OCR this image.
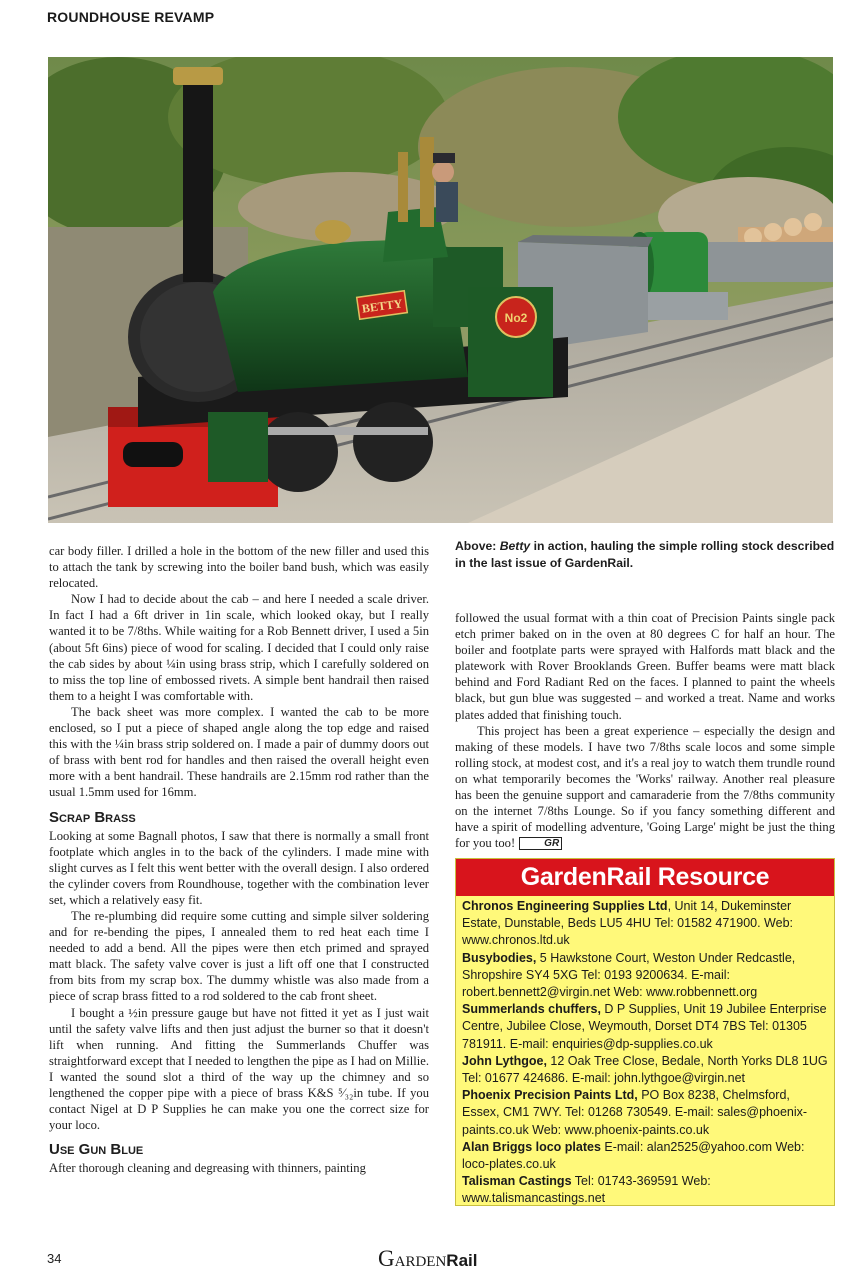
ROUNDHOUSE REVAMP
No2
BETTY

car body filler. I drilled a hole in the bottom of the new filler and used this to attach the tank by screwing into the boiler band bush, which was easily relocated.

Now I had to decide about the cab – and here I needed a scale driver. In fact I had a 6ft driver in 1in scale, which looked okay, but I really wanted it to be 7/8ths. While waiting for a Rob Bennett driver, I used a 5in (about 5ft 6ins) piece of wood for scaling. I decided that I could only raise the cab sides by about ¼in using brass strip, which I carefully soldered on to miss the top line of embossed rivets. A simple bent handrail then raised them to a height I was comfortable with.

The back sheet was more complex. I wanted the cab to be more enclosed, so I put a piece of shaped angle along the top edge and raised this with the ¼in brass strip soldered on. I made a pair of dummy doors out of brass with bent rod for handles and then raised the overall height even more with a bent handrail. These handrails are 2.15mm rod rather than the usual 1.5mm used for 16mm.

Scrap Brass

Looking at some Bagnall photos, I saw that there is normally a small front footplate which angles in to the back of the cylinders. I made mine with slight curves as I felt this went better with the overall design. I also ordered the cylinder covers from Roundhouse, together with the combination lever set, which a relatively easy fit.

The re-plumbing did require some cutting and simple silver soldering and for re-bending the pipes, I annealed them to red heat each time I needed to add a bend. All the pipes were then etch primed and sprayed matt black. The safety valve cover is just a lift off one that I constructed from bits from my scrap box. The dummy whistle was also made from a piece of scrap brass fitted to a rod soldered to the cab front sheet.

I bought a ½in pressure gauge but have not fitted it yet as I just wait until the safety valve lifts and then just adjust the burner so that it doesn't lift when running. And fitting the Summerlands Chuffer was straightforward except that I needed to lengthen the pipe as I had on Millie. I wanted the sound slot a third of the way up the chimney and so lengthened the copper pipe with a piece of brass K&S ⁵⁄₃₂in tube. If you contact Nigel at D P Supplies he can make you one the correct size for your loco.

Use Gun Blue

After thorough cleaning and degreasing with thinners, painting

Above: Betty in action, hauling the simple rolling stock described in the last issue of GardenRail.

followed the usual format with a thin coat of Precision Paints single pack etch primer baked on in the oven at 80 degrees C for half an hour. The boiler and footplate parts were sprayed with Halfords matt black and the platework with Rover Brooklands Green. Buffer beams were matt black behind and Ford Radiant Red on the faces. I planned to paint the wheels black, but gun blue was suggested – and worked a treat. Name and works plates added that finishing touch.

This project has been a great experience – especially the design and making of these models. I have two 7/8ths scale locos and some simple rolling stock, at modest cost, and it's a real joy to watch them trundle round on what temporarily becomes the 'Works' railway. Another real pleasure has been the genuine support and camaraderie from the 7/8ths community on the internet 7/8ths Lounge. So if you fancy something different and have a spirit of modelling adventure, 'Going Large' might be just the thing for you too!	GR

GardenRail Resource

Chronos Engineering Supplies Ltd, Unit 14, Dukeminster Estate, Dunstable, Beds LU5 4HU Tel: 01582 471900. Web: www.chronos.ltd.uk

Busybodies, 5 Hawkstone Court, Weston Under Redcastle, Shropshire SY4 5XG Tel: 0193 9200634. E-mail: robert.bennett2@virgin.net Web: www.robbennett.org

Summerlands chuffers, D P Supplies, Unit 19 Jubilee Enterprise Centre, Jubilee Close, Weymouth, Dorset DT4 7BS Tel: 01305 781911. E-mail: enquiries@dp-supplies.co.uk

John Lythgoe, 12 Oak Tree Close, Bedale, North Yorks DL8 1UG Tel: 01677 424686. E-mail: john.lythgoe@virgin.net

Phoenix Precision Paints Ltd, PO Box 8238, Chelmsford, Essex, CM1 7WY. Tel: 01268 730549. E-mail: sales@phoenix-paints.co.uk Web: www.phoenix-paints.co.uk

Alan Briggs loco plates E-mail: alan2525@yahoo.com Web: loco-plates.co.uk

Talisman Castings Tel: 01743-369591 Web: www.talismancastings.net

34	GARDENRail
